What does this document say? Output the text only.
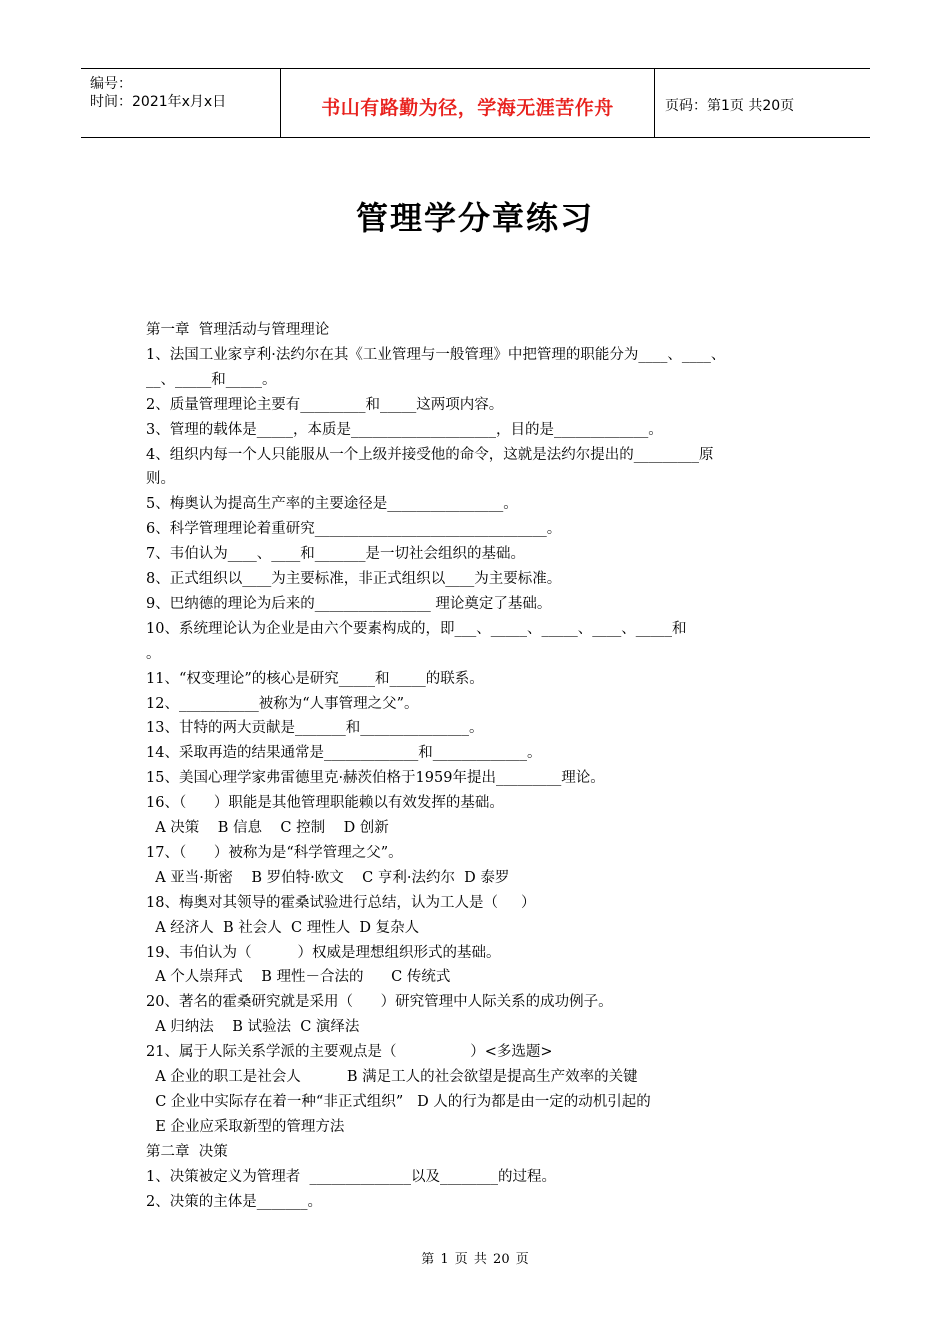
编号：
时间：2021年x月x日	书山有路勤为径，学海无涯苦作舟	页码：第1页 共20页
管理学分章练习
第一章  管理活动与管理理论
1、法国工业家亨利·法约尔在其《工业管理与一般管理》中把管理的职能分为____、____、
__、_____和_____。
2、质量管理理论主要有_________和_____这两项内容。
3、管理的载体是_____，本质是____________________，目的是_____________。
4、组织内每一个人只能服从一个上级并接受他的命令，这就是法约尔提出的_________原
则。
5、梅奥认为提高生产率的主要途径是________________。
6、科学管理理论着重研究________________________________。
7、韦伯认为____、____和_______是一切社会组织的基础。
8、正式组织以____为主要标准，非正式组织以____为主要标准。
9、巴纳德的理论为后来的________________ 理论奠定了基础。
10、系统理论认为企业是由六个要素构成的，即___、_____、_____、____、_____和
。
11、“权变理论”的核心是研究_____和_____的联系。
12、___________被称为“人事管理之父”。
13、甘特的两大贡献是_______和_______________。
14、采取再造的结果通常是_____________和_____________。
15、美国心理学家弗雷德里克·赫茨伯格于1959年提出_________理论。
16、（      ）职能是其他管理职能赖以有效发挥的基础。
A 决策    B 信息    C 控制    D 创新
17、（      ）被称为是“科学管理之父”。
A 亚当·斯密    B 罗伯特·欧文    C 亨利·法约尔  D 泰罗
18、梅奥对其领导的霍桑试验进行总结，认为工人是（     ）
A 经济人  B 社会人  C 理性人  D 复杂人
19、韦伯认为（          ）权威是理想组织形式的基础。
A 个人崇拜式    B 理性－合法的      C 传统式
20、著名的霍桑研究就是采用（      ）研究管理中人际关系的成功例子。
A 归纳法    B 试验法  C 演绎法
21、属于人际关系学派的主要观点是（                ）<多选题>
A 企业的职工是社会人          B 满足工人的社会欲望是提高生产效率的关键
C 企业中实际存在着一种“非正式组织”   D 人的行为都是由一定的动机引起的
E 企业应采取新型的管理方法
第二章  决策
1、决策被定义为管理者  ______________以及________的过程。
2、决策的主体是_______。
第 1 页 共 20 页
